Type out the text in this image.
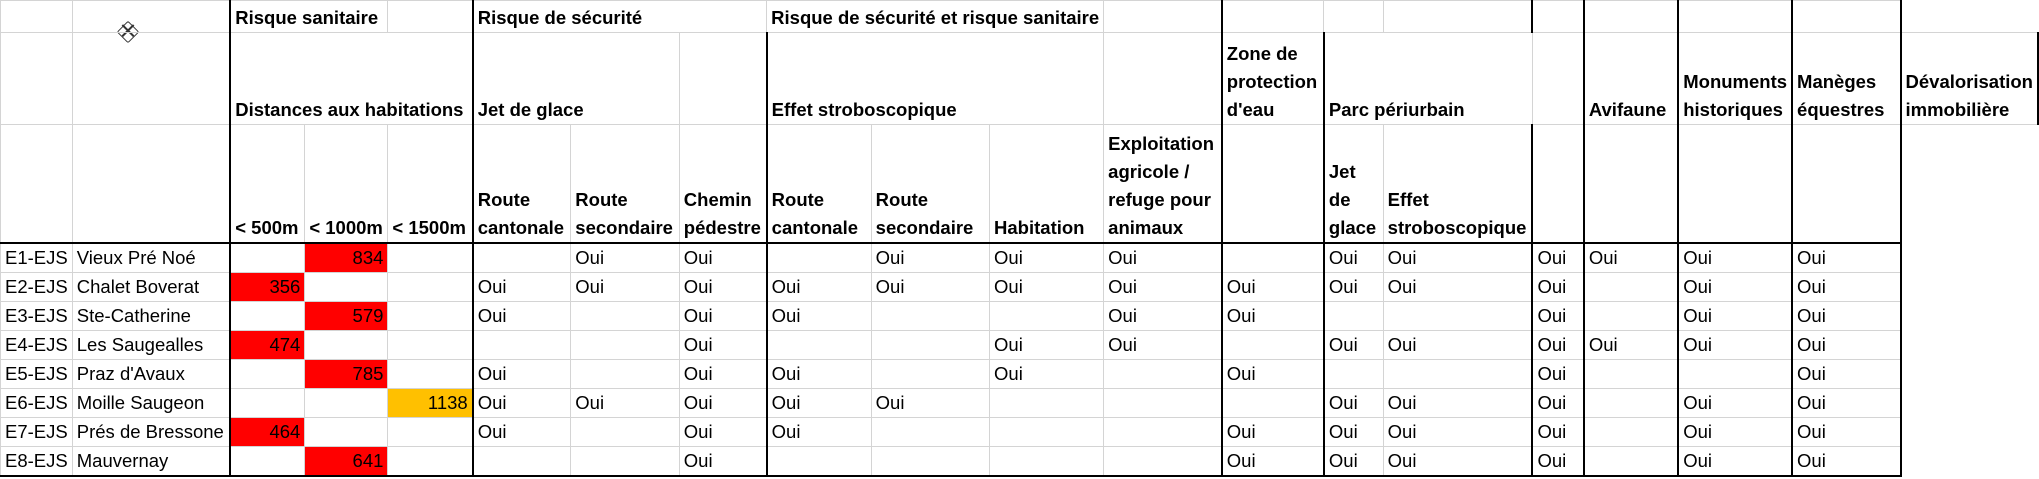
		Risque sanitaire			Risque de sécurité			Risque de sécurité et risque sanitaire											
		Distances aux habitations			Jet de glace			Effet stroboscopique				Zone de protection d'eau	Parc périurbain			Avifaune	Monuments historiques	Manèges équestres	Dévalorisation immobilière
		< 500m	< 1000m	< 1500m	Route cantonale	Route secondaire	Chemin pédestre	Route cantonale	Route secondaire	Habitation	Exploitation agricole / refuge pour animaux		Jet de glace	Effet stroboscopique					
E1-EJS	Vieux Pré Noé		834			Oui	Oui		Oui	Oui	Oui		Oui	Oui	Oui	Oui	Oui	Oui	
E2-EJS	Chalet Boverat	356			Oui	Oui	Oui	Oui	Oui	Oui	Oui	Oui	Oui	Oui	Oui		Oui	Oui	
E3-EJS	Ste-Catherine		579		Oui		Oui	Oui			Oui	Oui			Oui		Oui	Oui	
E4-EJS	Les Saugealles	474					Oui			Oui	Oui		Oui	Oui	Oui	Oui	Oui	Oui	
E5-EJS	Praz d'Avaux		785		Oui		Oui	Oui		Oui		Oui			Oui			Oui	
E6-EJS	Moille Saugeon			1138	Oui	Oui	Oui	Oui	Oui				Oui	Oui	Oui		Oui	Oui	
E7-EJS	Prés de Bressone	464			Oui		Oui	Oui				Oui	Oui	Oui	Oui		Oui	Oui	
E8-EJS	Mauvernay		641				Oui					Oui	Oui	Oui	Oui		Oui	Oui	
